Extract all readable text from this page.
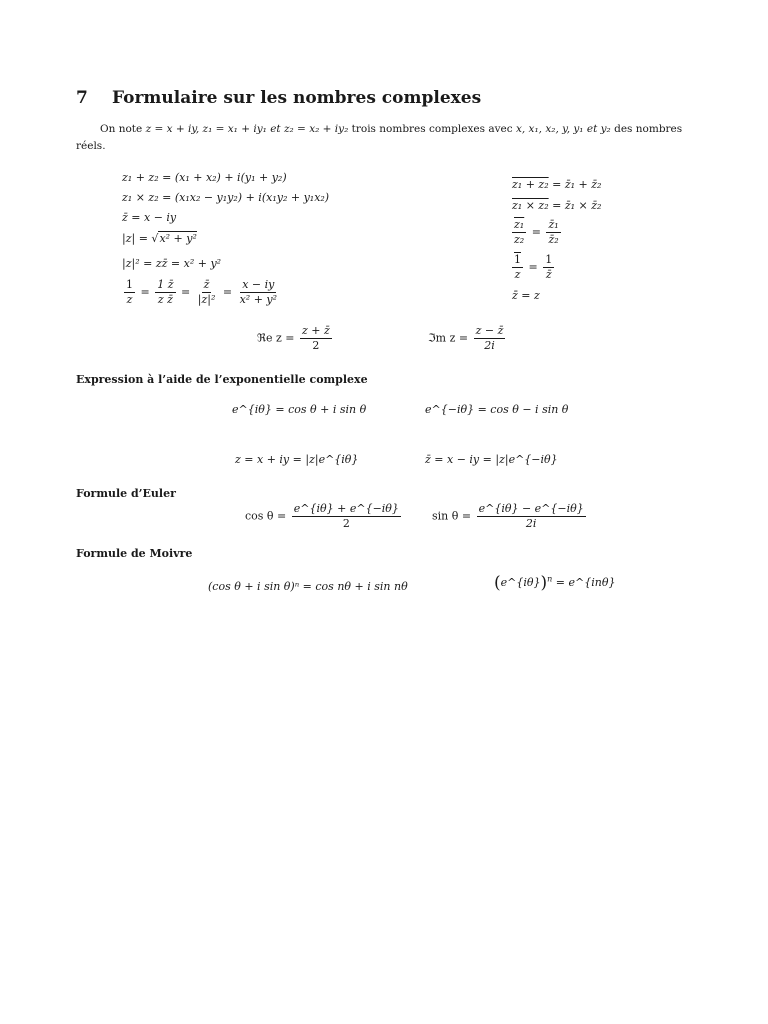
7 Formulaire sur les nombres complexes
On note z = x + iy, z₁ = x₁ + iy₁ et z₂ = x₂ + iy₂ trois nombres complexes avec x, x₁, x₂, y, y₁ et y₂ des nombres réels.
z₁ + z₂ = (x₁ + x₂) + i(y₁ + y₂)
z₁ × z₂ = (x₁x₂ − y₁y₂) + i(x₁y₂ + y₁x₂)
z̄ = x − iy
|z| = √x² + y²
|z|² = zz̄ = x² + y²
$\frac{1}{z} = \frac{1 z̄}{\text{z z̄}} = \frac{z̄}{\text{|z|²}} = \frac{x - iy}{\text{x² + y²}}$
z₁ + z₂ = z̄₁ + z̄₂
z₁ × z₂ = z̄₁ × z̄₂
$\frac{\text{z₁}}{\text{z₂}} = \frac{\text{z̄₁}}{\text{z̄₂}}$
$\frac{1}{z} = \frac{1}{z̄}$
z̄̄ = z
ℜe $z = \frac{z + z̄}{2}$	ℑm $z = \frac{z - z̄}{2i}$
Expression à l’aide de l’exponentielle complexe
e^{iθ} = cos θ + i sin θ	e^{−iθ} = cos θ − i sin θ
z = x + iy = |z|e^{iθ}	z̄ = x − iy = |z|e^{−iθ}
Formule d’Euler
$\cos \theta = \frac{e\^{}\{i\theta\} + e\^{}\{-i\theta\}}{2}$	$\sin \theta = \frac{e\^{}\{i\theta\} - e\^{}\{-i\theta\}}{2i}$
Formule de Moivre
(cos θ + i sin θ)ⁿ = cos nθ + i sin nθ	(e^{iθ})$^n$ = e^{inθ}
